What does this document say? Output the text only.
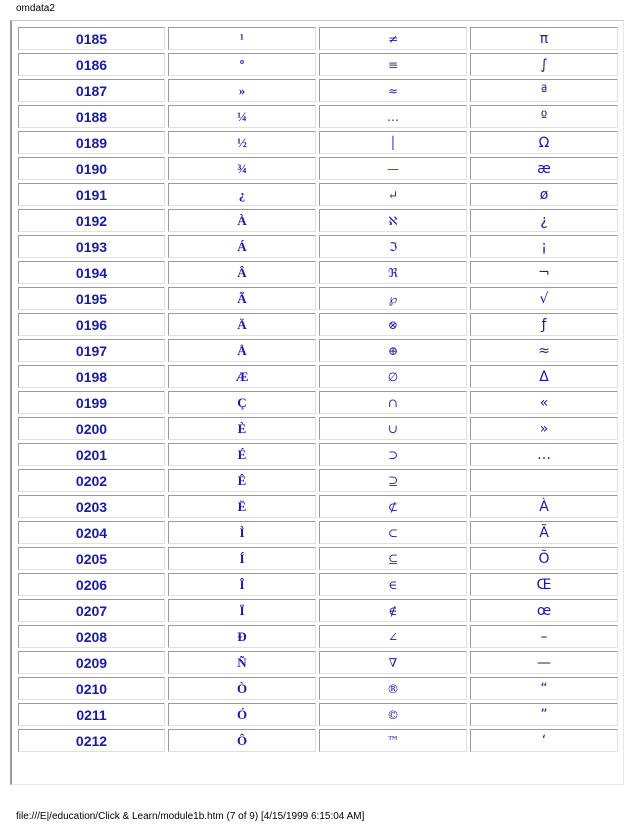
omdata2
0185	¹	≠	π
0186	º	≡	∫
0187	»	≈	ª
0188	¼	…	º
0189	½	│	Ω
0190	¾	—	æ
0191	¿	↵	ø
0192	À	ℵ	¿
0193	Á	ℑ	¡
0194	Â	ℜ	¬
0195	Ã	℘	√
0196	Ä	⊗	ƒ
0197	Å	⊕	≈
0198	Æ	∅	Δ
0199	Ç	∩	«
0200	È	∪	»
0201	É	⊃	…
0202	Ê	⊇	
0203	Ë	⊄	À
0204	Ì	⊂	Ã
0205	Í	⊆	Õ
0206	Î	∈	Œ
0207	Ï	∉	œ
0208	Ð	∠	–
0209	Ñ	∇	—
0210	Ò	®	“
0211	Ó	©	”
0212	Ô	™	‘
file:///E|/education/Click & Learn/module1b.htm (7 of 9) [4/15/1999 6:15:04 AM]
